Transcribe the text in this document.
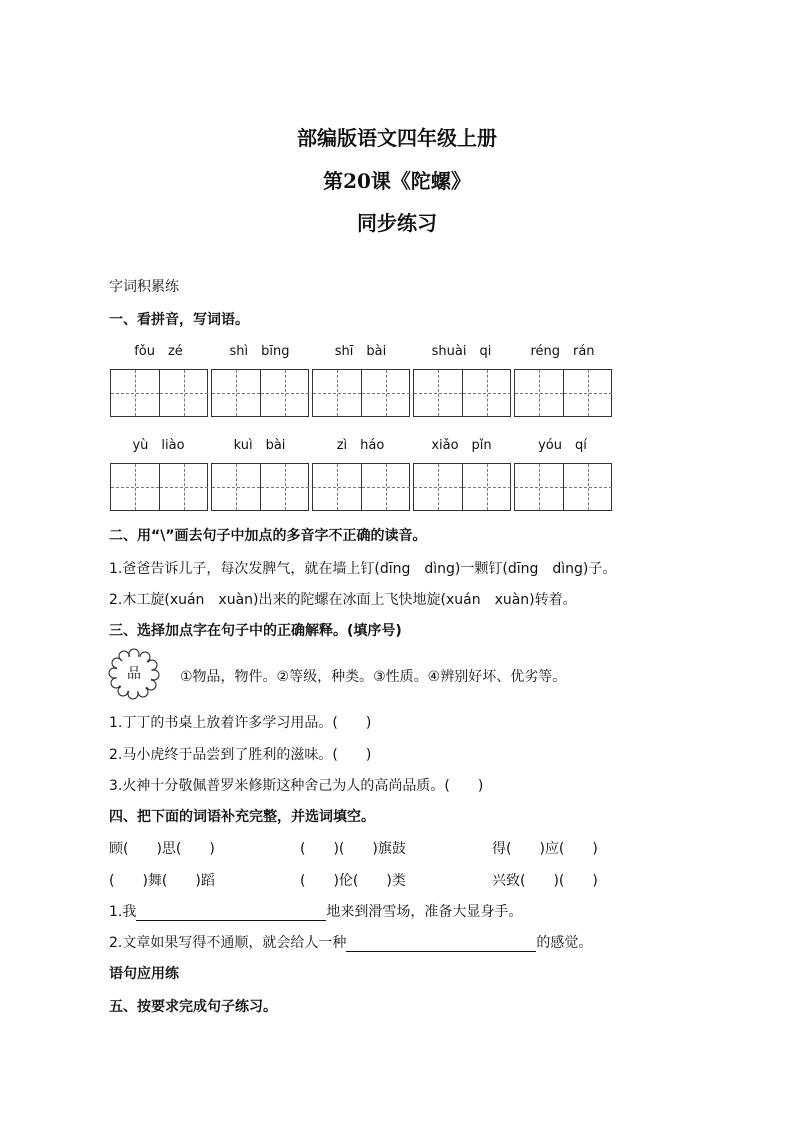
部编版语文四年级上册
第20课《陀螺》
同步练习
字词积累练
一、看拼音，写词语。
fǒu　zé	shì　bīng	shī　bài	shuài　qi	réng　rán
yù　liào	kuì　bài	zì　háo	xiǎo　pǐn	yóu　qí
二、用“\”画去句子中加点的多音字不正确的读音。
1.爸爸告诉儿子，每次发脾气，就在墙上钉(dīng　dìng)一颗钉(dīng　dìng)子。
2.木工旋(xuán　xuàn)出来的陀螺在冰面上飞快地旋(xuán　xuàn)转着。
三、选择加点字在句子中的正确解释。(填序号)
品	①物品，物件。②等级，种类。③性质。④辨别好坏、优劣等。
1.丁丁的书桌上放着许多学习用品。(　　)
2.马小虎终于品尝到了胜利的滋味。(　　)
3.火神十分敬佩普罗米修斯这种舍己为人的高尚品质。(　　)
四、把下面的词语补充完整，并选词填空。
顾(　　)思(　　)	(　　)(　　)旗鼓	得(　　)应(　　)
(　　)舞(　　)蹈	(　　)伦(　　)类	兴致(　　)(　　)
1.我	地来到滑雪场，准备大显身手。
2.文章如果写得不通顺，就会给人一种	的感觉。
语句应用练
五、按要求完成句子练习。
